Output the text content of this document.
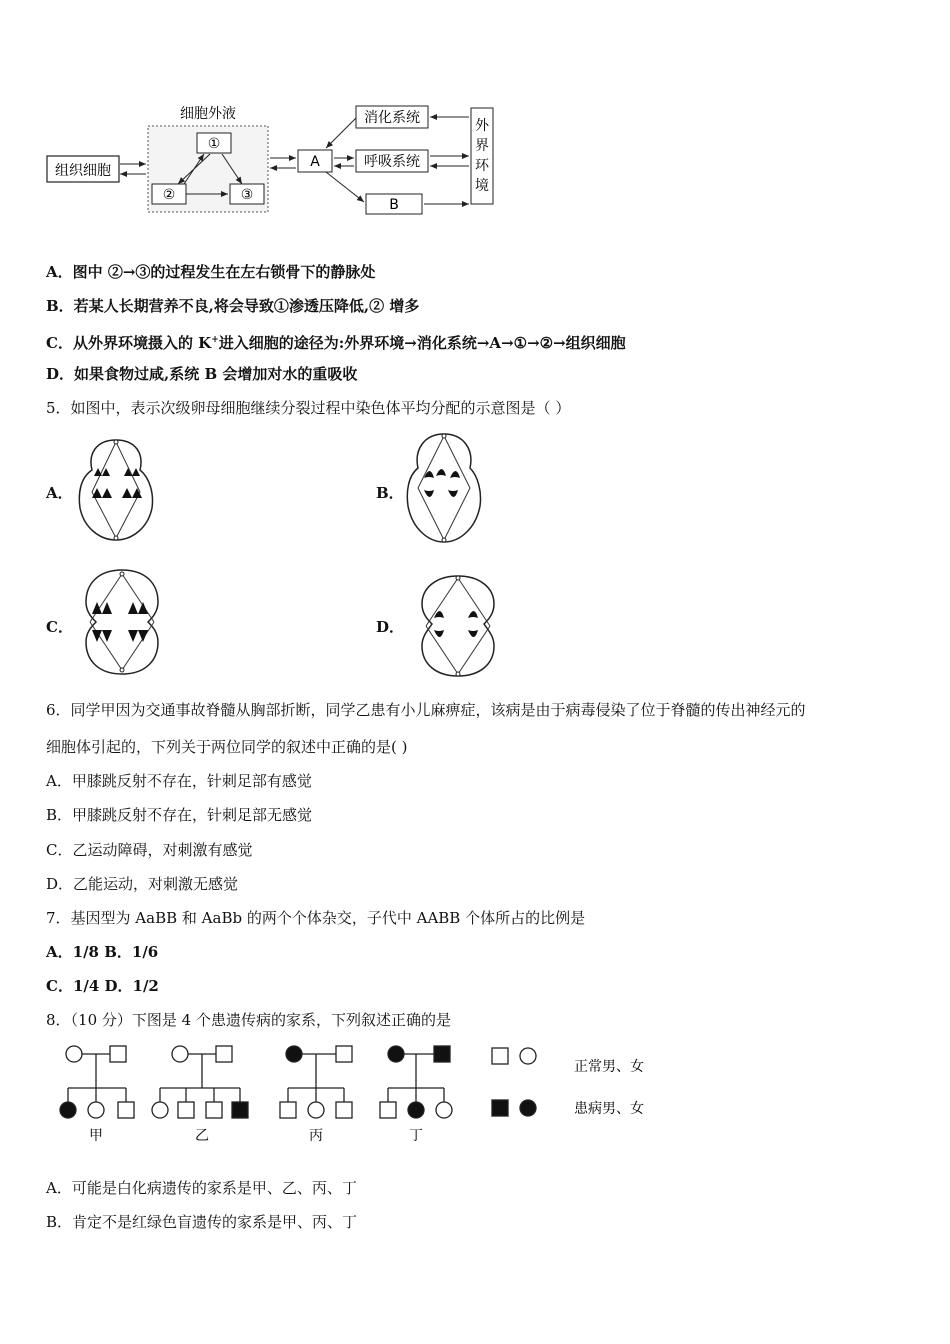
组织细胞
细胞外液
①
②	③
A
消化系统
呼吸系统
B
外
界
环
境
A．图中 ②→③的过程发生在左右锁骨下的静脉处
B．若某人长期营养不良,将会导致①渗透压降低,② 增多
C．从外界环境摄入的 K+进入细胞的途径为:外界环境→消化系统→A→①→②→组织细胞
D．如果食物过咸,系统 B 会增加对水的重吸收
5．如图中，表示次级卵母细胞继续分裂过程中染色体平均分配的示意图是（ ）
A．	B．
C．	D．
6．同学甲因为交通事故脊髓从胸部折断，同学乙患有小儿麻痹症，该病是由于病毒侵染了位于脊髓的传出神经元的
细胞体引起的，下列关于两位同学的叙述中正确的是( )
A．甲膝跳反射不存在，针刺足部有感觉
B．甲膝跳反射不存在，针刺足部无感觉
C．乙运动障碍，对刺激有感觉
D．乙能运动，对刺激无感觉
7．基因型为 AaBB 和 AaBb 的两个个体杂交，子代中 AABB 个体所占的比例是
A．1/8 B．1/6
C．1/4 D．1/2
8．（10 分）下图是 4 个患遗传病的家系，下列叙述正确的是
甲	乙	丙	丁
正常男、女
患病男、女
A．可能是白化病遗传的家系是甲、乙、丙、丁
B．肯定不是红绿色盲遗传的家系是甲、丙、丁
